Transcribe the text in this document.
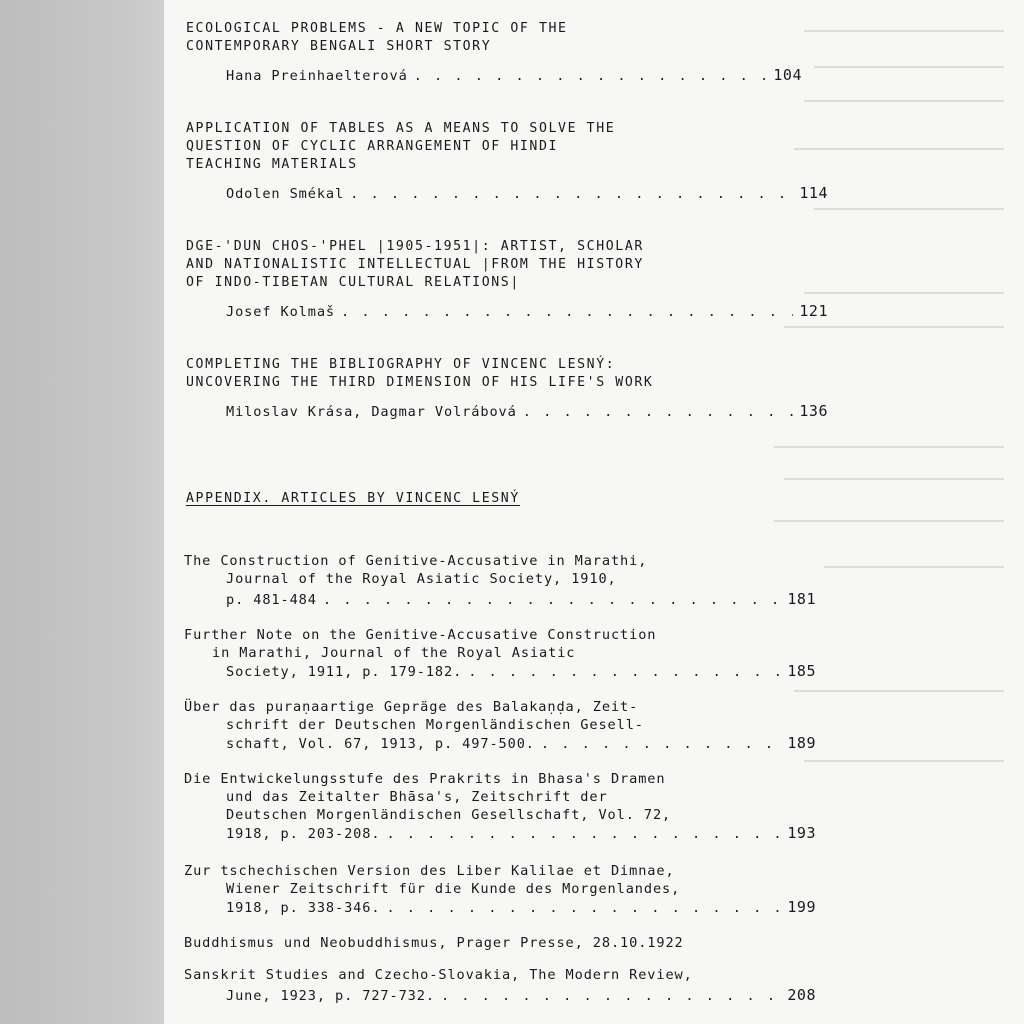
ECOLOGICAL PROBLEMS - A NEW TOPIC OF THE
CONTEMPORARY BENGALI SHORT STORY
Hana Preinhaelterová . . .	104
APPLICATION OF TABLES AS A MEANS TO SOLVE THE
QUESTION OF CYCLIC ARRANGEMENT OF HINDI
TEACHING MATERIALS
Odolen Smékal . . .	114
DGE-'DUN CHOS-'PHEL |1905-1951|: ARTIST, SCHOLAR
AND NATIONALISTIC INTELLECTUAL |FROM THE HISTORY
OF INDO-TIBETAN CULTURAL RELATIONS|
Josef Kolmaš . . .	121
COMPLETING THE BIBLIOGRAPHY OF VINCENC LESNÝ:
UNCOVERING THE THIRD DIMENSION OF HIS LIFE'S WORK
Miloslav Krása, Dagmar Volrábová . . .	136
APPENDIX. ARTICLES BY VINCENC LESNÝ
The Construction of Genitive-Accusative in Marathi,
Journal of the Royal Asiatic Society, 1910,
p. 481-484 . . .	181
Further Note on the Genitive-Accusative Construction
in Marathi, Journal of the Royal Asiatic
Society, 1911, p. 179-182. . . .	185
Über das puraṇaartige Gepräge des Balakaṇḍa, Zeit-
schrift der Deutschen Morgenländischen Gesell-
schaft, Vol. 67, 1913, p. 497-500. . . .	189
Die Entwickelungsstufe des Prakrits in Bhasa's Dramen
und das Zeitalter Bhāsa's, Zeitschrift der
Deutschen Morgenländischen Gesellschaft, Vol. 72,
1918, p. 203-208. . . .	193
Zur tschechischen Version des Liber Kalilae et Dimnae,
Wiener Zeitschrift für die Kunde des Morgenlandes,
1918, p. 338-346. . . .	199
Buddhismus und Neobuddhismus, Prager Presse, 28.10.1922
Sanskrit Studies and Czecho-Slovakia, The Modern Review,
June, 1923, p. 727-732. . . .	208
